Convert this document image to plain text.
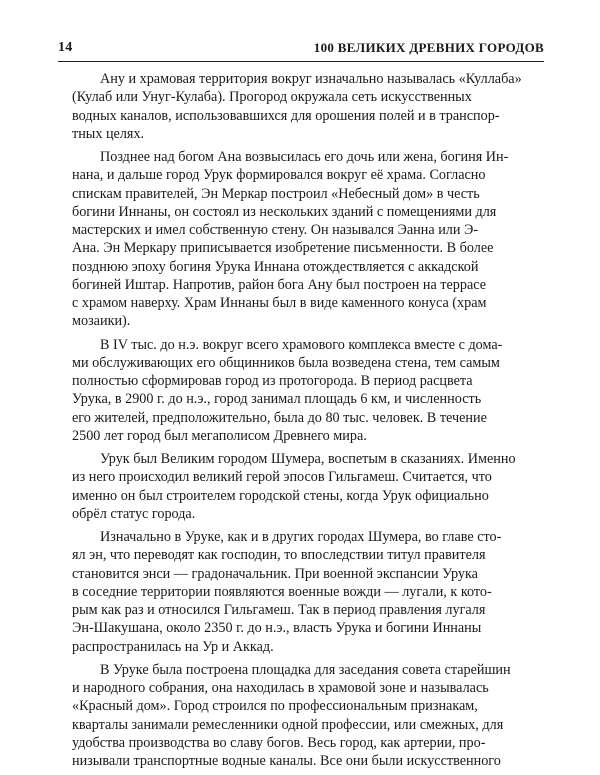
14	100 ВЕЛИКИХ ДРЕВНИХ ГОРОДОВ
Ану и храмовая территория вокруг изначально называлась «Куллаба»
(Кулаб или Унуг-Кулаба). Прогород окружала сеть искусственных
водных каналов, использовавшихся для орошения полей и в транспор-
тных целях.
Позднее над богом Ана возвысилась его дочь или жена, богиня Ин-
нана, и дальше город Урук формировался вокруг её храма. Согласно
спискам правителей, Эн Меркар построил «Небесный дом» в честь
богини Иннаны, он состоял из нескольких зданий с помещениями для
мастерских и имел собственную стену. Он назывался Эанна или Э-
Ана. Эн Меркару приписывается изобретение письменности. В более
позднюю эпоху богиня Урука Иннана отождествляется с аккадской
богиней Иштар. Напротив, район бога Ану был построен на террасе
с храмом наверху. Храм Иннаны был в виде каменного конуса (храм
мозаики).
В IV тыс. до н.э. вокруг всего храмового комплекса вместе с дома-
ми обслуживающих его общинников была возведена стена, тем самым
полностью сформировав город из протогорода. В период расцвета
Урука, в 2900 г. до н.э., город занимал площадь 6 км, и численность
его жителей, предположительно, была до 80 тыс. человек. В течение
2500 лет город был мегаполисом Древнего мира.
Урук был Великим городом Шумера, воспетым в сказаниях. Именно
из него происходил великий герой эпосов Гильгамеш. Считается, что
именно он был строителем городской стены, когда Урук официально
обрёл статус города.
Изначально в Уруке, как и в других городах Шумера, во главе сто-
ял эн, что переводят как господин, то впоследствии титул правителя
становится энси — градоначальник. При военной экспансии Урука
в соседние территории появляются военные вожди — лугали, к кото-
рым как раз и относился Гильгамеш. Так в период правления лугаля
Эн-Шакушана, около 2350 г. до н.э., власть Урука и богини Иннаны
распространилась на Ур и Аккад.
В Уруке была построена площадка для заседания совета старейшин
и народного собрания, она находилась в храмовой зоне и называлась
«Красный дом». Город строился по профессиональным признакам,
кварталы занимали ремесленники одной профессии, или смежных, для
удобства производства во славу богов. Весь город, как артерии, про-
низывали транспортные водные каналы. Все они были искусственного
